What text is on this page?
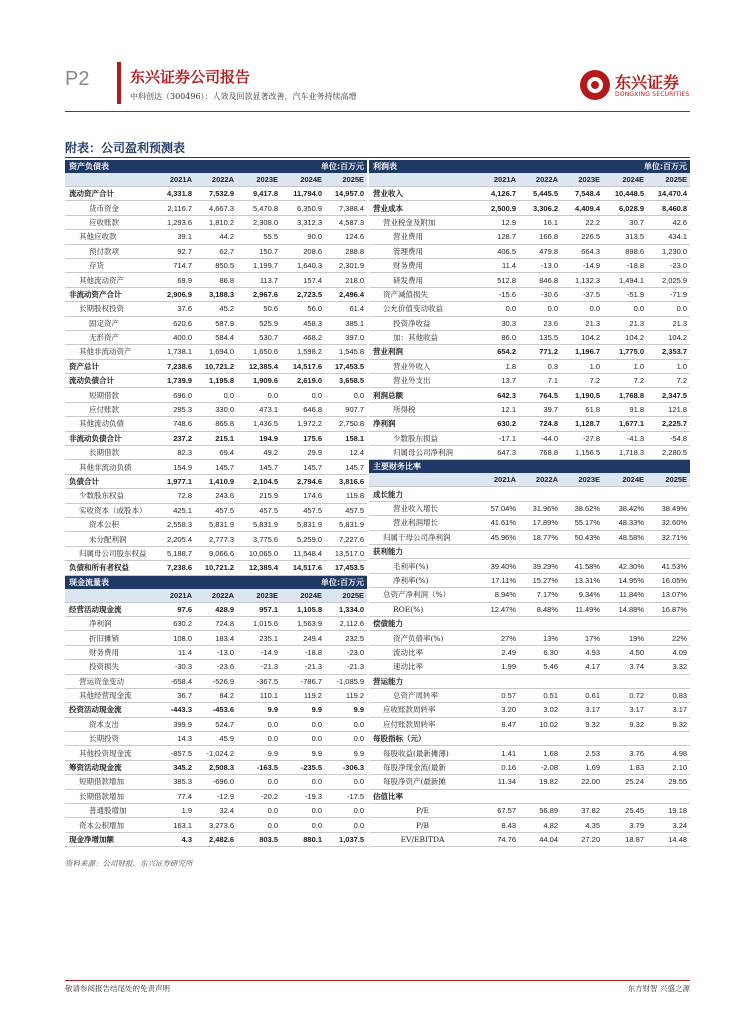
P2	东兴证券公司报告
中科创达（300496）：人效及回款显著改善，汽车业务持续高增
东兴证券
DONGXING SECURITIES
附表：公司盈利预测表
资产负债表			单位:百万元		
	2021A	2022A	2023E	2024E	2025E
流动资产合计	4,331.8	7,532.9	9,417.8	11,794.0	14,957.0
货币资金	2,116.7	4,667.3	5,470.8	6,350.9	7,388.4
应收账款	1,293.6	1,810.2	2,308.0	3,312.3	4,587.3
其他应收款	39.1	44.2	55.5	90.0	124.6
预付款项	92.7	62.7	150.7	208.6	288.8
存货	714.7	850.5	1,199.7	1,640.3	2,301.9
其他流动资产	69.9	86.8	113.7	157.4	218.0
非流动资产合计	2,906.9	3,188.3	2,967.6	2,723.5	2,496.4
长期股权投资	37.6	45.2	50.6	56.0	61.4
固定资产	620.6	587.9	525.9	458.3	385.1
无形资产	400.0	584.4	530.7	468.2	397.0
其他非流动资产	1,738.1	1,694.0	1,650.6	1,598.2	1,545.8
资产总计	7,238.6	10,721.2	12,385.4	14,517.6	17,453.5
流动负债合计	1,739.9	1,195.8	1,909.6	2,619.0	3,658.5
短期借款	696.0	0.0	0.0	0.0	0.0
应付账款	295.3	330.0	473.1	646.8	907.7
其他流动负债	748.6	865.8	1,436.5	1,972.2	2,750.8
非流动负债合计	237.2	215.1	194.9	175.6	158.1
长期借款	82.3	69.4	49.2	29.9	12.4
其他非流动负债	154.9	145.7	145.7	145.7	145.7
负债合计	1,977.1	1,410.9	2,104.5	2,794.6	3,816.6
少数股东权益	72.8	243.6	215.9	174.6	119.8
实收资本（或股本）	425.1	457.5	457.5	457.5	457.5
资本公积	2,558.3	5,831.9	5,831.9	5,831.9	5,831.9
未分配利润	2,205.4	2,777.3	3,775.6	5,259.0	7,227.6
归属母公司股东权益	5,188.7	9,066.6	10,065.0	11,548.4	13,517.0
负债和所有者权益	7,238.6	10,721.2	12,385.4	14,517.6	17,453.5
现金流量表			单位:百万元		
	2021A	2022A	2023E	2024E	2025E
经营活动现金流	97.6	428.9	957.1	1,105.8	1,334.0
净利润	630.2	724.8	1,015.6	1,563.9	2,112.6
折旧摊销	108.0	183.4	235.1	249.4	232.5
财务费用	11.4	-13.0	-14.9	-18.8	-23.0
投资损失	-30.3	-23.6	-21.3	-21.3	-21.3
营运资金变动	-658.4	-526.9	-367.5	-786.7	-1,085.9
其他经营现金流	36.7	84.2	110.1	119.2	119.2
投资活动现金流	-443.3	-453.6	9.9	9.9	9.9
资本支出	399.9	524.7	0.0	0.0	0.0
长期投资	14.3	45.9	0.0	0.0	0.0
其他投资现金流	-857.5	-1,024.2	9.9	9.9	9.9
筹资活动现金流	345.2	2,508.3	-163.5	-235.5	-306.3
短期借款增加	385.3	-696.0	0.0	0.0	0.0
长期借款增加	77.4	-12.9	-20.2	-19.3	-17.5
普通股增加	1.9	32.4	0.0	0.0	0.0
资本公积增加	163.1	3,273.6	0.0	0.0	0.0
现金净增加额	4.3	2,482.6	803.5	880.1	1,037.5
利润表			单位:百万元		
	2021A	2022A	2023E	2024E	2025E
营业收入	4,126.7	5,445.5	7,548.4	10,448.5	14,470.4
营业成本	2,500.9	3,306.2	4,409.4	6,028.9	8,460.8
营业税金及附加	12.9	16.1	22.2	30.7	42.6
营业费用	128.7	166.8	226.5	313.5	434.1
管理费用	406.5	479.8	664.3	898.6	1,230.0
财务费用	11.4	-13.0	-14.9	-18.8	-23.0
研发费用	512.8	846.8	1,132.3	1,494.1	2,025.9
资产减值损失	-15.6	-30.6	-37.5	-51.9	-71.9
公允价值变动收益	0.0	0.0	0.0	0.0	0.0
投资净收益	30.3	23.6	21.3	21.3	21.3
加：其他收益	86.0	135.5	104.2	104.2	104.2
营业利润	654.2	771.2	1,196.7	1,775.0	2,353.7
营业外收入	1.8	0.3	1.0	1.0	1.0
营业外支出	13.7	7.1	7.2	7.2	7.2
利润总额	642.3	764.5	1,190.5	1,768.8	2,347.5
所得税	12.1	39.7	61.8	91.8	121.8
净利润	630.2	724.8	1,128.7	1,677.1	2,225.7
少数股东损益	-17.1	-44.0	-27.8	-41.3	-54.8
归属母公司净利润	647.3	768.8	1,156.5	1,718.3	2,280.5
主要财务比率					
	2021A	2022A	2023E	2024E	2025E
成长能力					
营业收入增长	57.04%	31.96%	38.62%	38.42%	38.49%
营业利润增长	41.61%	17.89%	55.17%	48.33%	32.60%
归属于母公司净利润	45.96%	18.77%	50.43%	48.58%	32.71%
获利能力					
毛利率(%)	39.40%	39.29%	41.58%	42.30%	41.53%
净利率(%)	17.11%	15.27%	13.31%	14.95%	16.05%
总资产净利润（%）	8.94%	7.17%	9.34%	11.84%	13.07%
ROE(%)	12.47%	8.48%	11.49%	14.88%	16.87%
偿债能力					
资产负债率(%)	27%	13%	17%	19%	22%
流动比率	2.49	6.30	4.93	4.50	4.09
速动比率	1.99	5.46	4.17	3.74	3.32
营运能力					
总资产周转率	0.57	0.51	0.61	0.72	0.83
应收账款周转率	3.20	3.02	3.17	3.17	3.17
应付账款周转率	8.47	10.02	9.32	9.32	9.32
每股指标（元）					
每股收益(最新摊薄)	1.41	1.68	2.53	3.76	4.98
每股净现金流(最新	0.16	-2.08	1.69	1.83	2.10
每股净资产(最新摊	11.34	19.82	22.00	25.24	29.55
估值比率					
P/E	67.57	56.89	37.82	25.45	19.18
P/B	8.43	4.82	4.35	3.79	3.24
EV/EBITDA	74.76	44.04	27.20	18.87	14.48
资料来源：公司财报、东兴证券研究所
敬请参阅报告结尾处的免责声明	东方财智 兴盛之源
